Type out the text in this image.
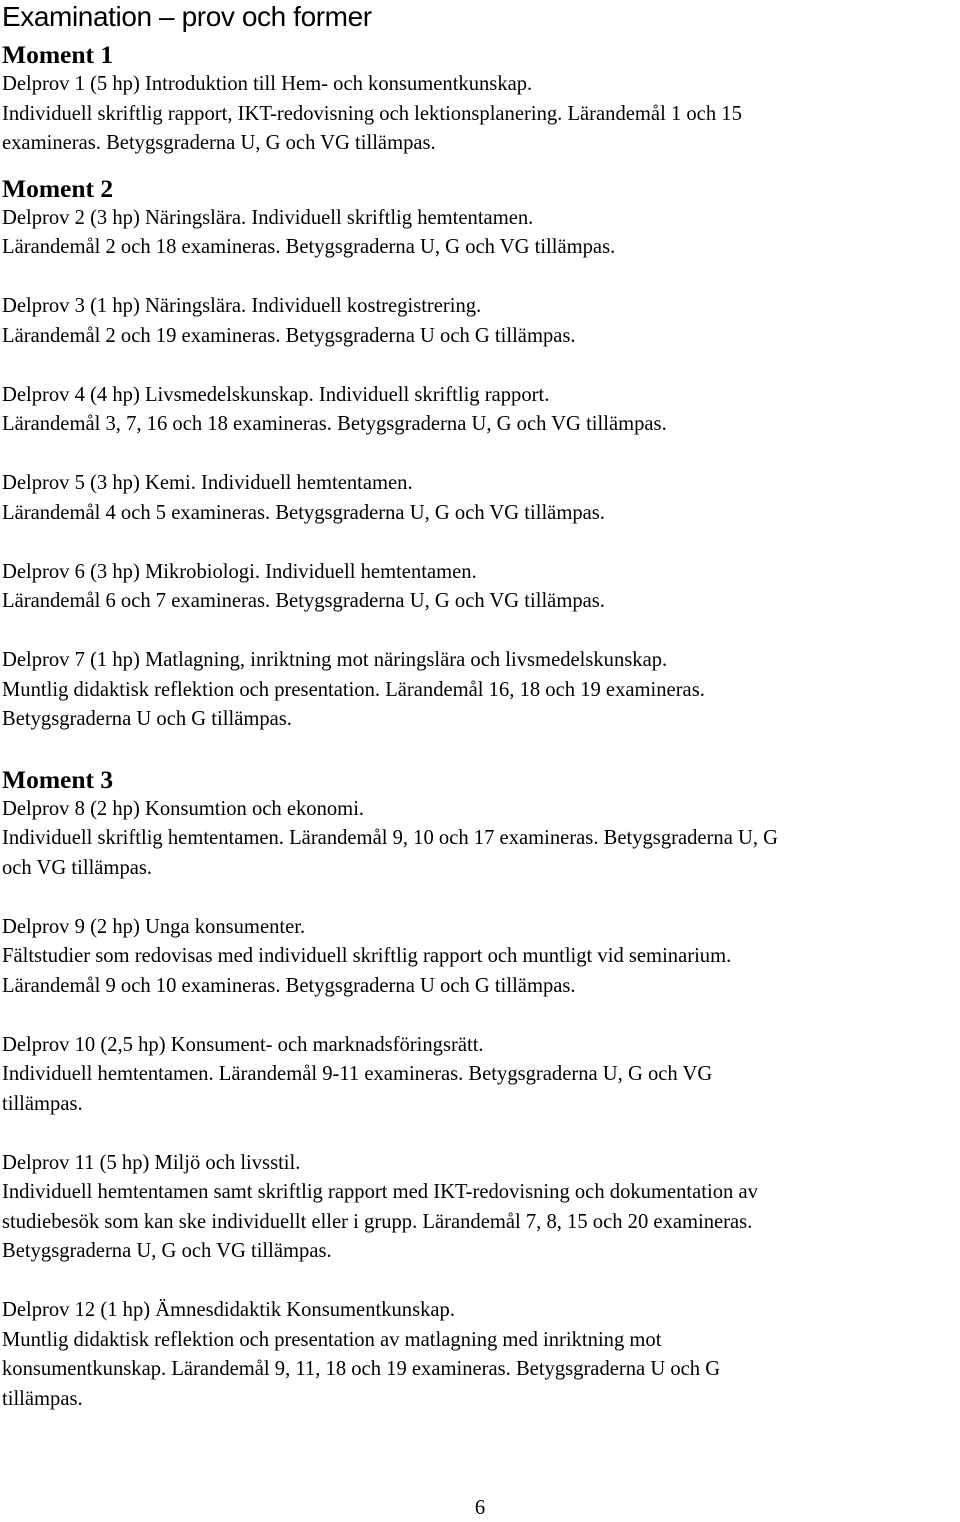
Examination – prov och former
Moment 1
Delprov 1 (5 hp) Introduktion till Hem- och konsumentkunskap.
Individuell skriftlig rapport, IKT-redovisning och lektionsplanering. Lärandemål 1 och 15
examineras. Betygsgraderna U, G och VG tillämpas.
Moment 2
Delprov 2 (3 hp) Näringslära. Individuell skriftlig hemtentamen.
Lärandemål 2 och 18 examineras. Betygsgraderna U, G och VG tillämpas.
Delprov 3 (1 hp) Näringslära. Individuell kostregistrering.
Lärandemål 2 och 19 examineras. Betygsgraderna U och G tillämpas.
Delprov 4 (4 hp) Livsmedelskunskap. Individuell skriftlig rapport.
Lärandemål 3, 7, 16 och 18 examineras. Betygsgraderna U, G och VG tillämpas.
Delprov 5 (3 hp) Kemi. Individuell hemtentamen.
Lärandemål 4 och 5 examineras. Betygsgraderna U, G och VG tillämpas.
Delprov 6 (3 hp) Mikrobiologi. Individuell hemtentamen.
Lärandemål 6 och 7 examineras. Betygsgraderna U, G och VG tillämpas.
Delprov 7 (1 hp) Matlagning, inriktning mot näringslära och livsmedelskunskap.
Muntlig didaktisk reflektion och presentation. Lärandemål 16, 18 och 19 examineras.
Betygsgraderna U och G tillämpas.
Moment 3
Delprov 8 (2 hp) Konsumtion och ekonomi.
Individuell skriftlig hemtentamen. Lärandemål 9, 10 och 17 examineras. Betygsgraderna U, G
och VG tillämpas.
Delprov 9 (2 hp) Unga konsumenter.
Fältstudier som redovisas med individuell skriftlig rapport och muntligt vid seminarium.
Lärandemål 9 och 10 examineras. Betygsgraderna U och G tillämpas.
Delprov 10 (2,5 hp) Konsument- och marknadsföringsrätt.
Individuell hemtentamen. Lärandemål 9-11 examineras. Betygsgraderna U, G och VG
tillämpas.
Delprov 11 (5 hp) Miljö och livsstil.
Individuell hemtentamen samt skriftlig rapport med IKT-redovisning och dokumentation av
studiebesök som kan ske individuellt eller i grupp. Lärandemål 7, 8, 15 och 20 examineras.
Betygsgraderna U, G och VG tillämpas.
Delprov 12 (1 hp) Ämnesdidaktik Konsumentkunskap.
Muntlig didaktisk reflektion och presentation av matlagning med inriktning mot
konsumentkunskap. Lärandemål 9, 11, 18 och 19 examineras. Betygsgraderna U och G
tillämpas.
6
